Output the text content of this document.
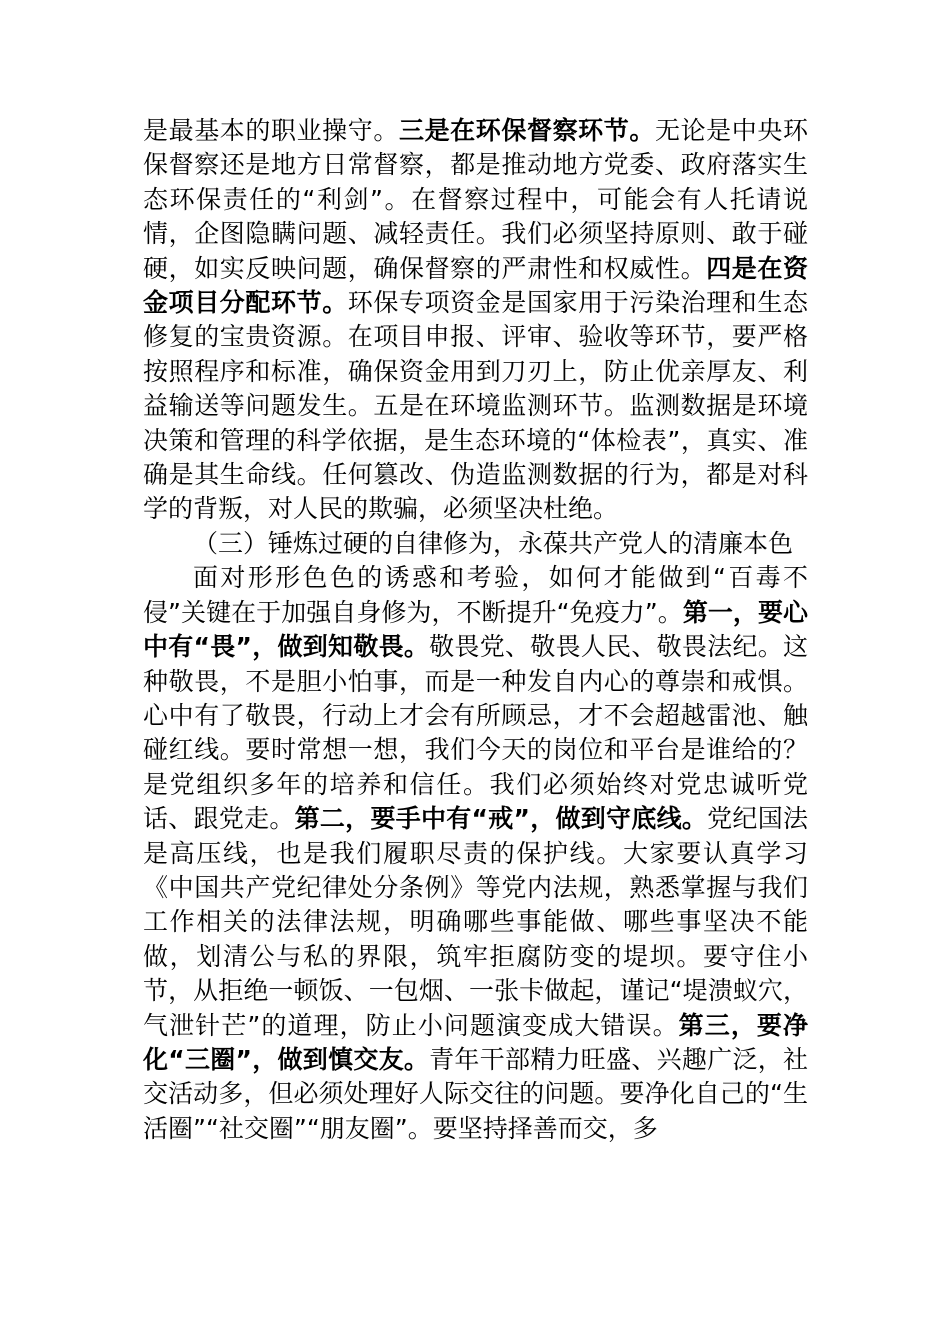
是最基本的职业操守。三是在环保督察环节。无论是中央环保督察还是地方日常督察，都是推动地方党委、政府落实生态环保责任的“利剑”。在督察过程中，可能会有人托请说情，企图隐瞒问题、减轻责任。我们必须坚持原则、敢于碰硬，如实反映问题，确保督察的严肃性和权威性。四是在资金项目分配环节。环保专项资金是国家用于污染治理和生态修复的宝贵资源。在项目申报、评审、验收等环节，要严格按照程序和标准，确保资金用到刀刃上，防止优亲厚友、利益输送等问题发生。五是在环境监测环节。监测数据是环境决策和管理的科学依据，是生态环境的“体检表”，真实、准确是其生命线。任何篡改、伪造监测数据的行为，都是对科学的背叛，对人民的欺骗，必须坚决杜绝。

（三）锤炼过硬的自律修为，永葆共产党人的清廉本色

面对形形色色的诱惑和考验，如何才能做到“百毒不侵”关键在于加强自身修为，不断提升“免疫力”。第一，要心中有“畏”，做到知敬畏。敬畏党、敬畏人民、敬畏法纪。这种敬畏，不是胆小怕事，而是一种发自内心的尊崇和戒惧。心中有了敬畏，行动上才会有所顾忌，才不会超越雷池、触碰红线。要时常想一想，我们今天的岗位和平台是谁给的？是党组织多年的培养和信任。我们必须始终对党忠诚听党话、跟党走。第二，要手中有“戒”，做到守底线。党纪国法是高压线，也是我们履职尽责的保护线。大家要认真学习《中国共产党纪律处分条例》等党内法规，熟悉掌握与我们工作相关的法律法规，明确哪些事能做、哪些事坚决不能做，划清公与私的界限，筑牢拒腐防变的堤坝。要守住小节，从拒绝一顿饭、一包烟、一张卡做起，谨记“堤溃蚁穴，气泄针芒”的道理，防止小问题演变成大错误。第三，要净化“三圈”，做到慎交友。青年干部精力旺盛、兴趣广泛，社交活动多，但必须处理好人际交往的问题。要净化自己的“生活圈”“社交圈”“朋友圈”。要坚持择善而交，多
